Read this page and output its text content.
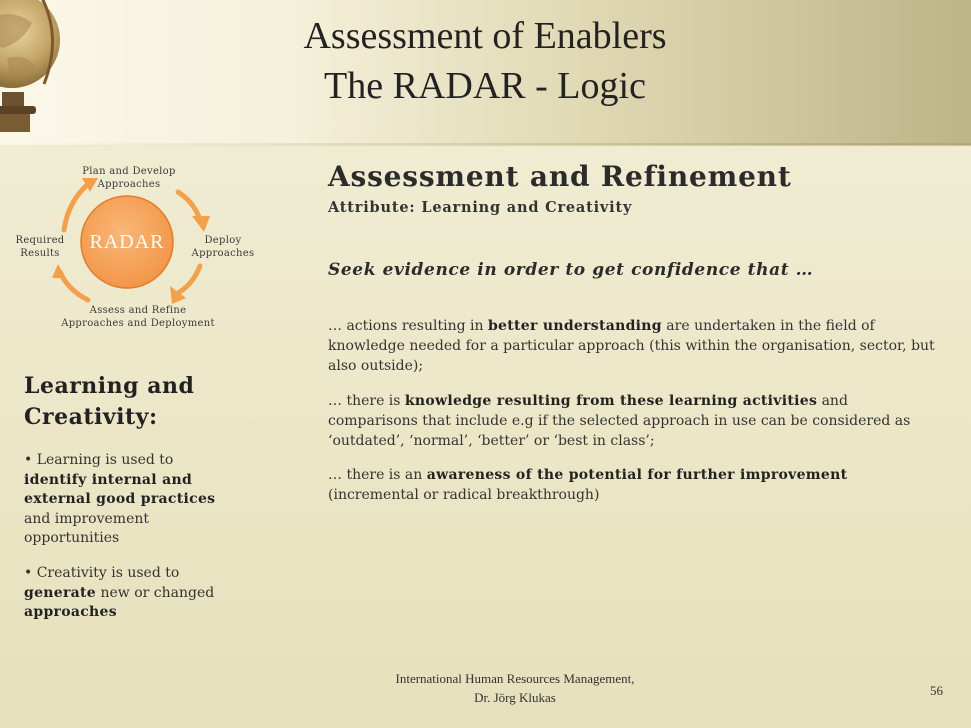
Assessment of Enablers
The RADAR - Logic
RADAR
Plan and Develop
Approaches
Deploy
Approaches
Assess and Refine
Approaches and Deployment
Required
Results
Learning and
Creativity:
• Learning is used to
identify internal and
external good practices
and improvement
opportunities
• Creativity is used to
generate new or changed
approaches
Assessment and Refinement
Attribute: Learning and Creativity
Seek evidence in order to get confidence that …
… actions resulting in better understanding are undertaken in the field of knowledge needed for a particular approach (this within the organisation, sector, but also outside);
… there is knowledge resulting from these learning activities and comparisons that include e.g if the selected approach in use can be considered as ‘outdated’, ‘normal’, ‘better’ or ‘best in class’;
… there is an awareness of the potential for further improvement (incremental or radical breakthrough)
International Human Resources Management,
Dr. Jörg Klukas	56
